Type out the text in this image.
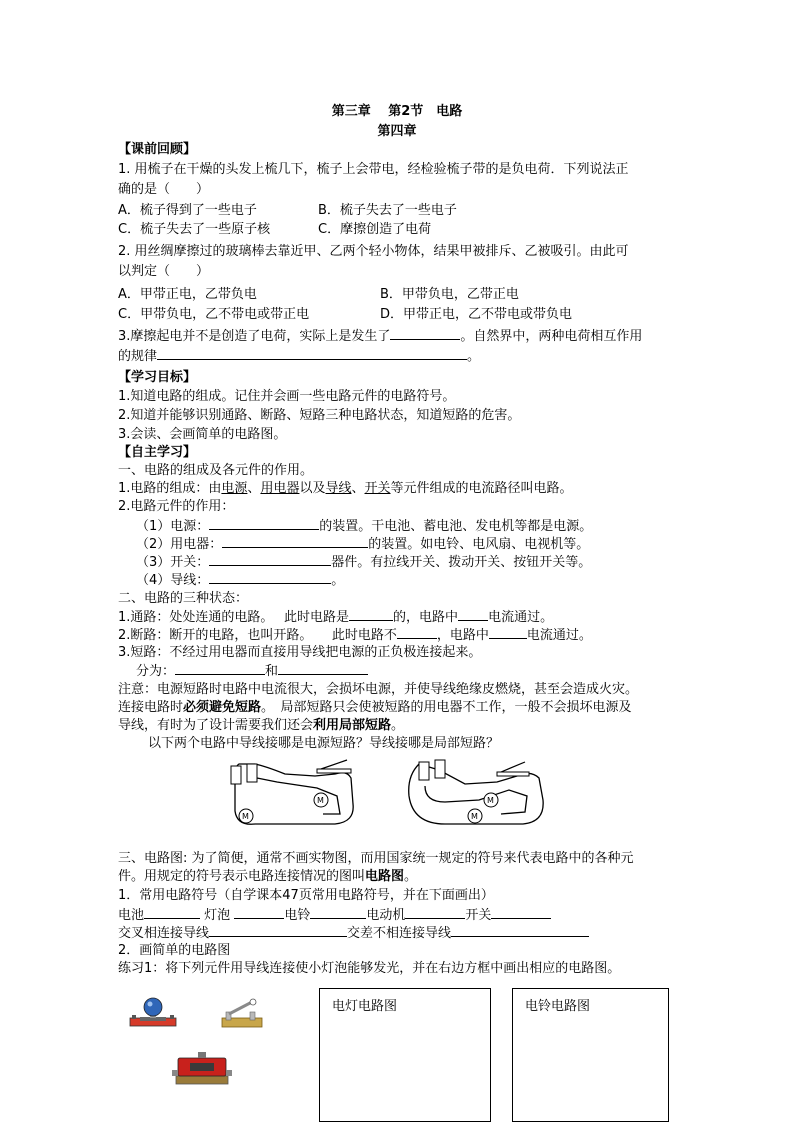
第三章　 第2节　电路
第四章
【课前回顾】
1. 用梳子在干燥的头发上梳几下，梳子上会带电，经检验梳子带的是负电荷．下列说法正
确的是（　　）
A．梳子得到了一些电子	B．梳子失去了一些电子
C．梳子失去了一些原子核	C．摩擦创造了电荷
2. 用丝绸摩擦过的玻璃棒去靠近甲、乙两个轻小物体，结果甲被排斥、乙被吸引。由此可
以判定（　　）
A．甲带正电，乙带负电	B．甲带负电，乙带正电
C．甲带负电，乙不带电或带正电	D．甲带正电，乙不带电或带负电
3.摩擦起电并不是创造了电荷，实际上是发生了	。自然界中，两种电荷相互作用
的规律	。
【学习目标】
1.知道电路的组成。记住并会画一些电路元件的电路符号。
2.知道并能够识别通路、断路、短路三种电路状态，知道短路的危害。
3.会读、会画简单的电路图。
【自主学习】
一、电路的组成及各元件的作用。
1.电路的组成：由电源、用电器以及导线、开关等元件组成的电流路径叫电路。
2.电路元件的作用：
（1）电源：	的装置。干电池、蓄电池、发电机等都是电源。
（2）用电器：	的装置。如电铃、电风扇、电视机等。
（3）开关：	器件。有拉线开关、拨动开关、按钮开关等。
（4）导线：	。
二、电路的三种状态：
1.通路：处处连通的电路。　 此时电路是	的，电路中 电流通过。
2.断路：断开的电路，也叫开路。　　此时电路不	，电路中	电流通过。
3.短路：不经过用电器而直接用导线把电源的正负极连接起来。
分为：	和
注意：电源短路时电路中电流很大，会损坏电源，并使导线绝缘皮燃烧，甚至会造成火灾。
连接电路时必须避免短路。　局部短路只会使被短路的用电器不工作，一般不会损坏电源及
导线，有时为了设计需要我们还会利用局部短路。
以下两个电路中导线接哪是电源短路？导线接哪是局部短路？
M
M
M
M
三、电路图: 为了简便，通常不画实物图，而用国家统一规定的符号来代表电路中的各种元
件。用规定的符号表示电路连接情况的图叫电路图。
1．常用电路符号（自学课本47页常用电路符号，并在下面画出）
电池	灯泡	电铃	电动机	开关
交叉相连接导线	交差不相连接导线
2．画简单的电路图
练习1：将下列元件用导线连接使小灯泡能够发光，并在右边方框中画出相应的电路图。
电灯电路图	电铃电路图
